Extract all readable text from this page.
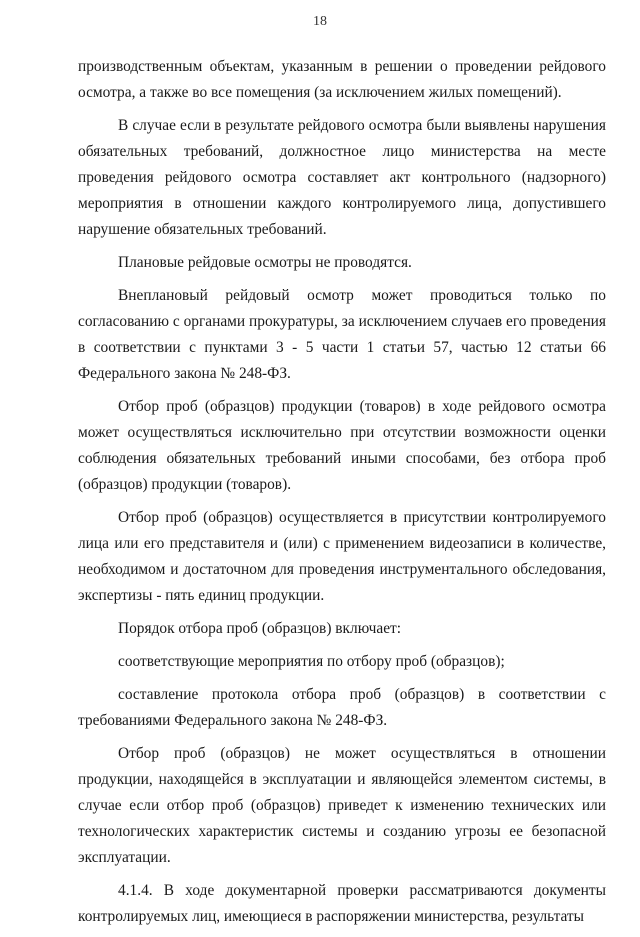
18

производственным объектам, указанным в решении о проведении рейдового осмотра, а также во все помещения (за исключением жилых помещений).

В случае если в результате рейдового осмотра были выявлены нарушения обязательных требований, должностное лицо министерства на месте проведения рейдового осмотра составляет акт контрольного (надзорного) мероприятия в отношении каждого контролируемого лица, допустившего нарушение обязательных требований.

Плановые рейдовые осмотры не проводятся.

Внеплановый рейдовый осмотр может проводиться только по согласованию с органами прокуратуры, за исключением случаев его проведения в соответствии с пунктами 3 - 5 части 1 статьи 57, частью 12 статьи 66 Федерального закона № 248-ФЗ.

Отбор проб (образцов) продукции (товаров) в ходе рейдового осмотра может осуществляться исключительно при отсутствии возможности оценки соблюдения обязательных требований иными способами, без отбора проб (образцов) продукции (товаров).

Отбор проб (образцов) осуществляется в присутствии контролируемого лица или его представителя и (или) с применением видеозаписи в количестве, необходимом и достаточном для проведения инструментального обследования, экспертизы - пять единиц продукции.

Порядок отбора проб (образцов) включает:

соответствующие мероприятия по отбору проб (образцов);

составление протокола отбора проб (образцов) в соответствии с требованиями Федерального закона № 248-ФЗ.

Отбор проб (образцов) не может осуществляться в отношении продукции, находящейся в эксплуатации и являющейся элементом системы, в случае если отбор проб (образцов) приведет к изменению технических или технологических характеристик системы и созданию угрозы ее безопасной эксплуатации.

4.1.4. В ходе документарной проверки рассматриваются документы контролируемых лиц, имеющиеся в распоряжении министерства, результаты
